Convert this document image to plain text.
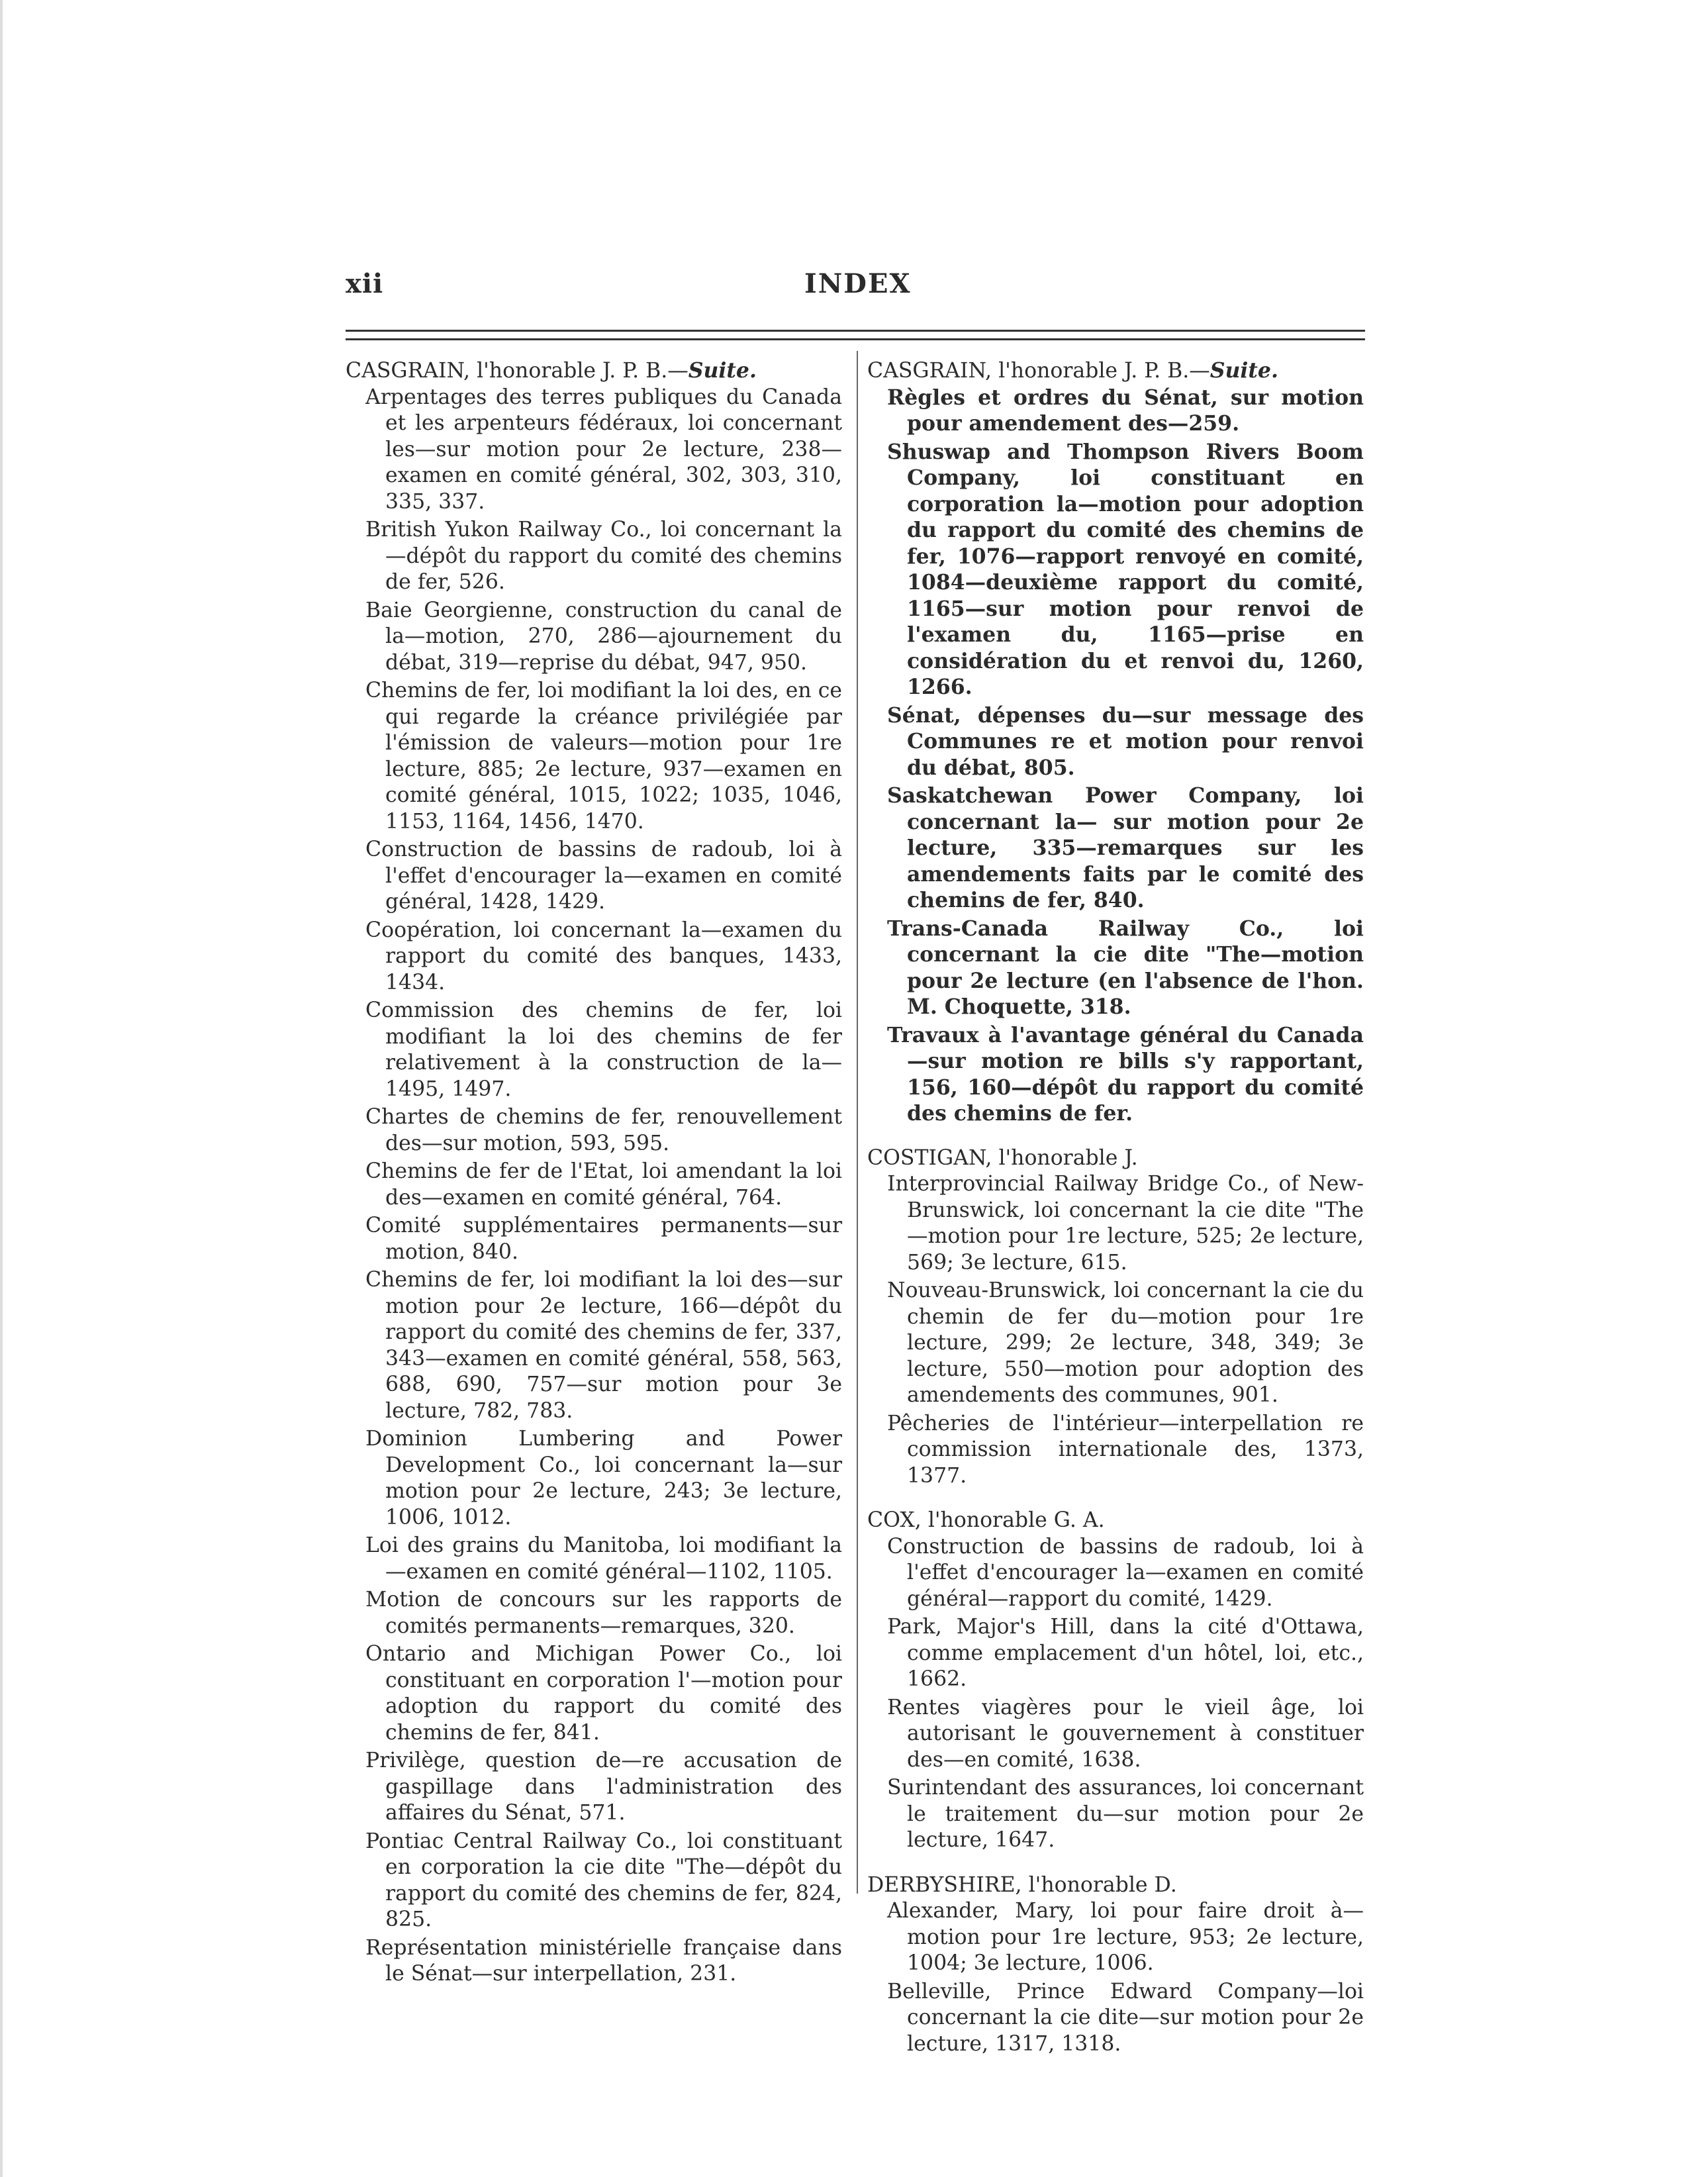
xii	INDEX

CASGRAIN, l'honorable J. P. B.—Suite.

Arpentages des terres publiques du Canada et les arpenteurs fédéraux, loi concernant les—sur motion pour 2e lecture, 238—examen en comité général, 302, 303, 310, 335, 337.

British Yukon Railway Co., loi concernant la—dépôt du rapport du comité des chemins de fer, 526.

Baie Georgienne, construction du canal de la—motion, 270, 286—ajournement du débat, 319—reprise du débat, 947, 950.

Chemins de fer, loi modifiant la loi des, en ce qui regarde la créance privilégiée par l'émission de valeurs—motion pour 1re lecture, 885; 2e lecture, 937—examen en comité général, 1015, 1022; 1035, 1046, 1153, 1164, 1456, 1470.

Construction de bassins de radoub, loi à l'effet d'encourager la—examen en comité général, 1428, 1429.

Coopération, loi concernant la—examen du rapport du comité des banques, 1433, 1434.

Commission des chemins de fer, loi modifiant la loi des chemins de fer relativement à la construction de la—1495, 1497.

Chartes de chemins de fer, renouvellement des—sur motion, 593, 595.

Chemins de fer de l'Etat, loi amendant la loi des—examen en comité général, 764.

Comité supplémentaires permanents—sur motion, 840.

Chemins de fer, loi modifiant la loi des—sur motion pour 2e lecture, 166—dépôt du rapport du comité des chemins de fer, 337, 343—examen en comité général, 558, 563, 688, 690, 757—sur motion pour 3e lecture, 782, 783.

Dominion Lumbering and Power Development Co., loi concernant la—sur motion pour 2e lecture, 243; 3e lecture, 1006, 1012.

Loi des grains du Manitoba, loi modifiant la—examen en comité général—1102, 1105.

Motion de concours sur les rapports de comités permanents—remarques, 320.

Ontario and Michigan Power Co., loi constituant en corporation l'—motion pour adoption du rapport du comité des chemins de fer, 841.

Privilège, question de—re accusation de gaspillage dans l'administration des affaires du Sénat, 571.

Pontiac Central Railway Co., loi constituant en corporation la cie dite "The—dépôt du rapport du comité des chemins de fer, 824, 825.

Représentation ministérielle française dans le Sénat—sur interpellation, 231.

CASGRAIN, l'honorable J. P. B.—Suite.

Règles et ordres du Sénat, sur motion pour amendement des—259.

Shuswap and Thompson Rivers Boom Company, loi constituant en corporation la—motion pour adoption du rapport du comité des chemins de fer, 1076—rapport renvoyé en comité, 1084—deuxième rapport du comité, 1165—sur motion pour renvoi de l'examen du, 1165—prise en considération du et renvoi du, 1260, 1266.

Sénat, dépenses du—sur message des Communes re et motion pour renvoi du débat, 805.

Saskatchewan Power Company, loi concernant la— sur motion pour 2e lecture, 335—remarques sur les amendements faits par le comité des chemins de fer, 840.

Trans-Canada Railway Co., loi concernant la cie dite "The—motion pour 2e lecture (en l'absence de l'hon. M. Choquette, 318.

Travaux à l'avantage général du Canada—sur motion re bills s'y rapportant, 156, 160—dépôt du rapport du comité des chemins de fer.

COSTIGAN, l'honorable J.

Interprovincial Railway Bridge Co., of New-Brunswick, loi concernant la cie dite "The—motion pour 1re lecture, 525; 2e lecture, 569; 3e lecture, 615.

Nouveau-Brunswick, loi concernant la cie du chemin de fer du—motion pour 1re lecture, 299; 2e lecture, 348, 349; 3e lecture, 550—motion pour adoption des amendements des communes, 901.

Pêcheries de l'intérieur—interpellation re commission internationale des, 1373, 1377.

COX, l'honorable G. A.

Construction de bassins de radoub, loi à l'effet d'encourager la—examen en comité général—rapport du comité, 1429.

Park, Major's Hill, dans la cité d'Ottawa, comme emplacement d'un hôtel, loi, etc., 1662.

Rentes viagères pour le vieil âge, loi autorisant le gouvernement à constituer des—en comité, 1638.

Surintendant des assurances, loi concernant le traitement du—sur motion pour 2e lecture, 1647.

DERBYSHIRE, l'honorable D.

Alexander, Mary, loi pour faire droit à—motion pour 1re lecture, 953; 2e lecture, 1004; 3e lecture, 1006.

Belleville, Prince Edward Company—loi concernant la cie dite—sur motion pour 2e lecture, 1317, 1318.
